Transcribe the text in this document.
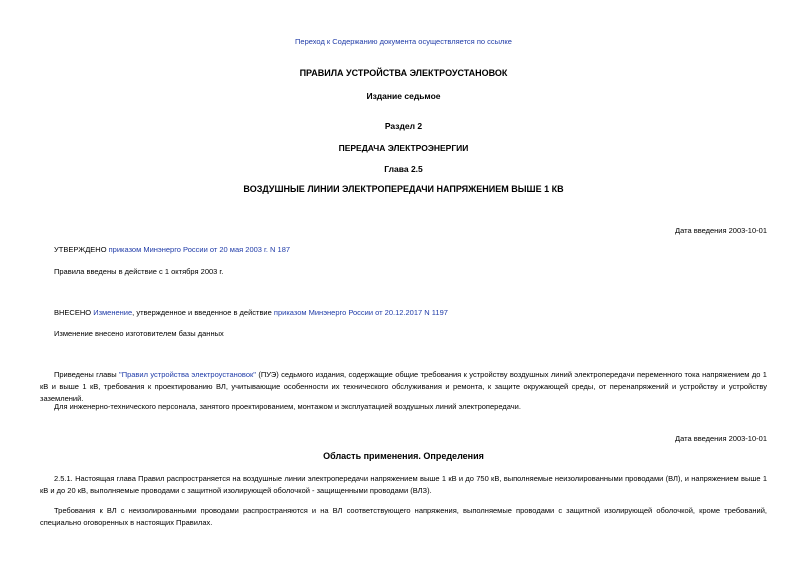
Переход к Содержанию документа осуществляется по ссылке
ПРАВИЛА УСТРОЙСТВА ЭЛЕКТРОУСТАНОВОК
Издание седьмое
Раздел 2
ПЕРЕДАЧА ЭЛЕКТРОЭНЕРГИИ
Глава 2.5
ВОЗДУШНЫЕ ЛИНИИ ЭЛЕКТРОПЕРЕДАЧИ НАПРЯЖЕНИЕМ ВЫШЕ 1 КВ
Дата введения 2003-10-01
УТВЕРЖДЕНО приказом Минэнерго России от 20 мая 2003 г. N 187
Правила введены в действие с 1 октября 2003 г.
ВНЕСЕНО Изменение, утвержденное и введенное в действие приказом Минэнерго России от 20.12.2017 N 1197
Изменение внесено изготовителем базы данных
Приведены главы "Правил устройства электроустановок" (ПУЭ) седьмого издания, содержащие общие требования к устройству воздушных линий электропередачи переменного тока напряжением до 1 кВ и выше 1 кВ, требования к проектированию ВЛ, учитывающие особенности их технического обслуживания и ремонта, к защите окружающей среды, от перенапряжений и устройству и устройству заземлений.
Для инженерно-технического персонала, занятого проектированием, монтажом и эксплуатацией воздушных линий электропередачи.
Дата введения 2003-10-01
Область применения. Определения
2.5.1. Настоящая глава Правил распространяется на воздушные линии электропередачи напряжением выше 1 кВ и до 750 кВ, выполняемые неизолированными проводами (ВЛ), и напряжением выше 1 кВ и до 20 кВ, выполняемые проводами с защитной изолирующей оболочкой - защищенными проводами (ВЛЗ).
Требования к ВЛ с неизолированными проводами распространяются и на ВЛ соответствующего напряжения, выполняемые проводами с защитной изолирующей оболочкой, кроме требований, специально оговоренных в настоящих Правилах.
